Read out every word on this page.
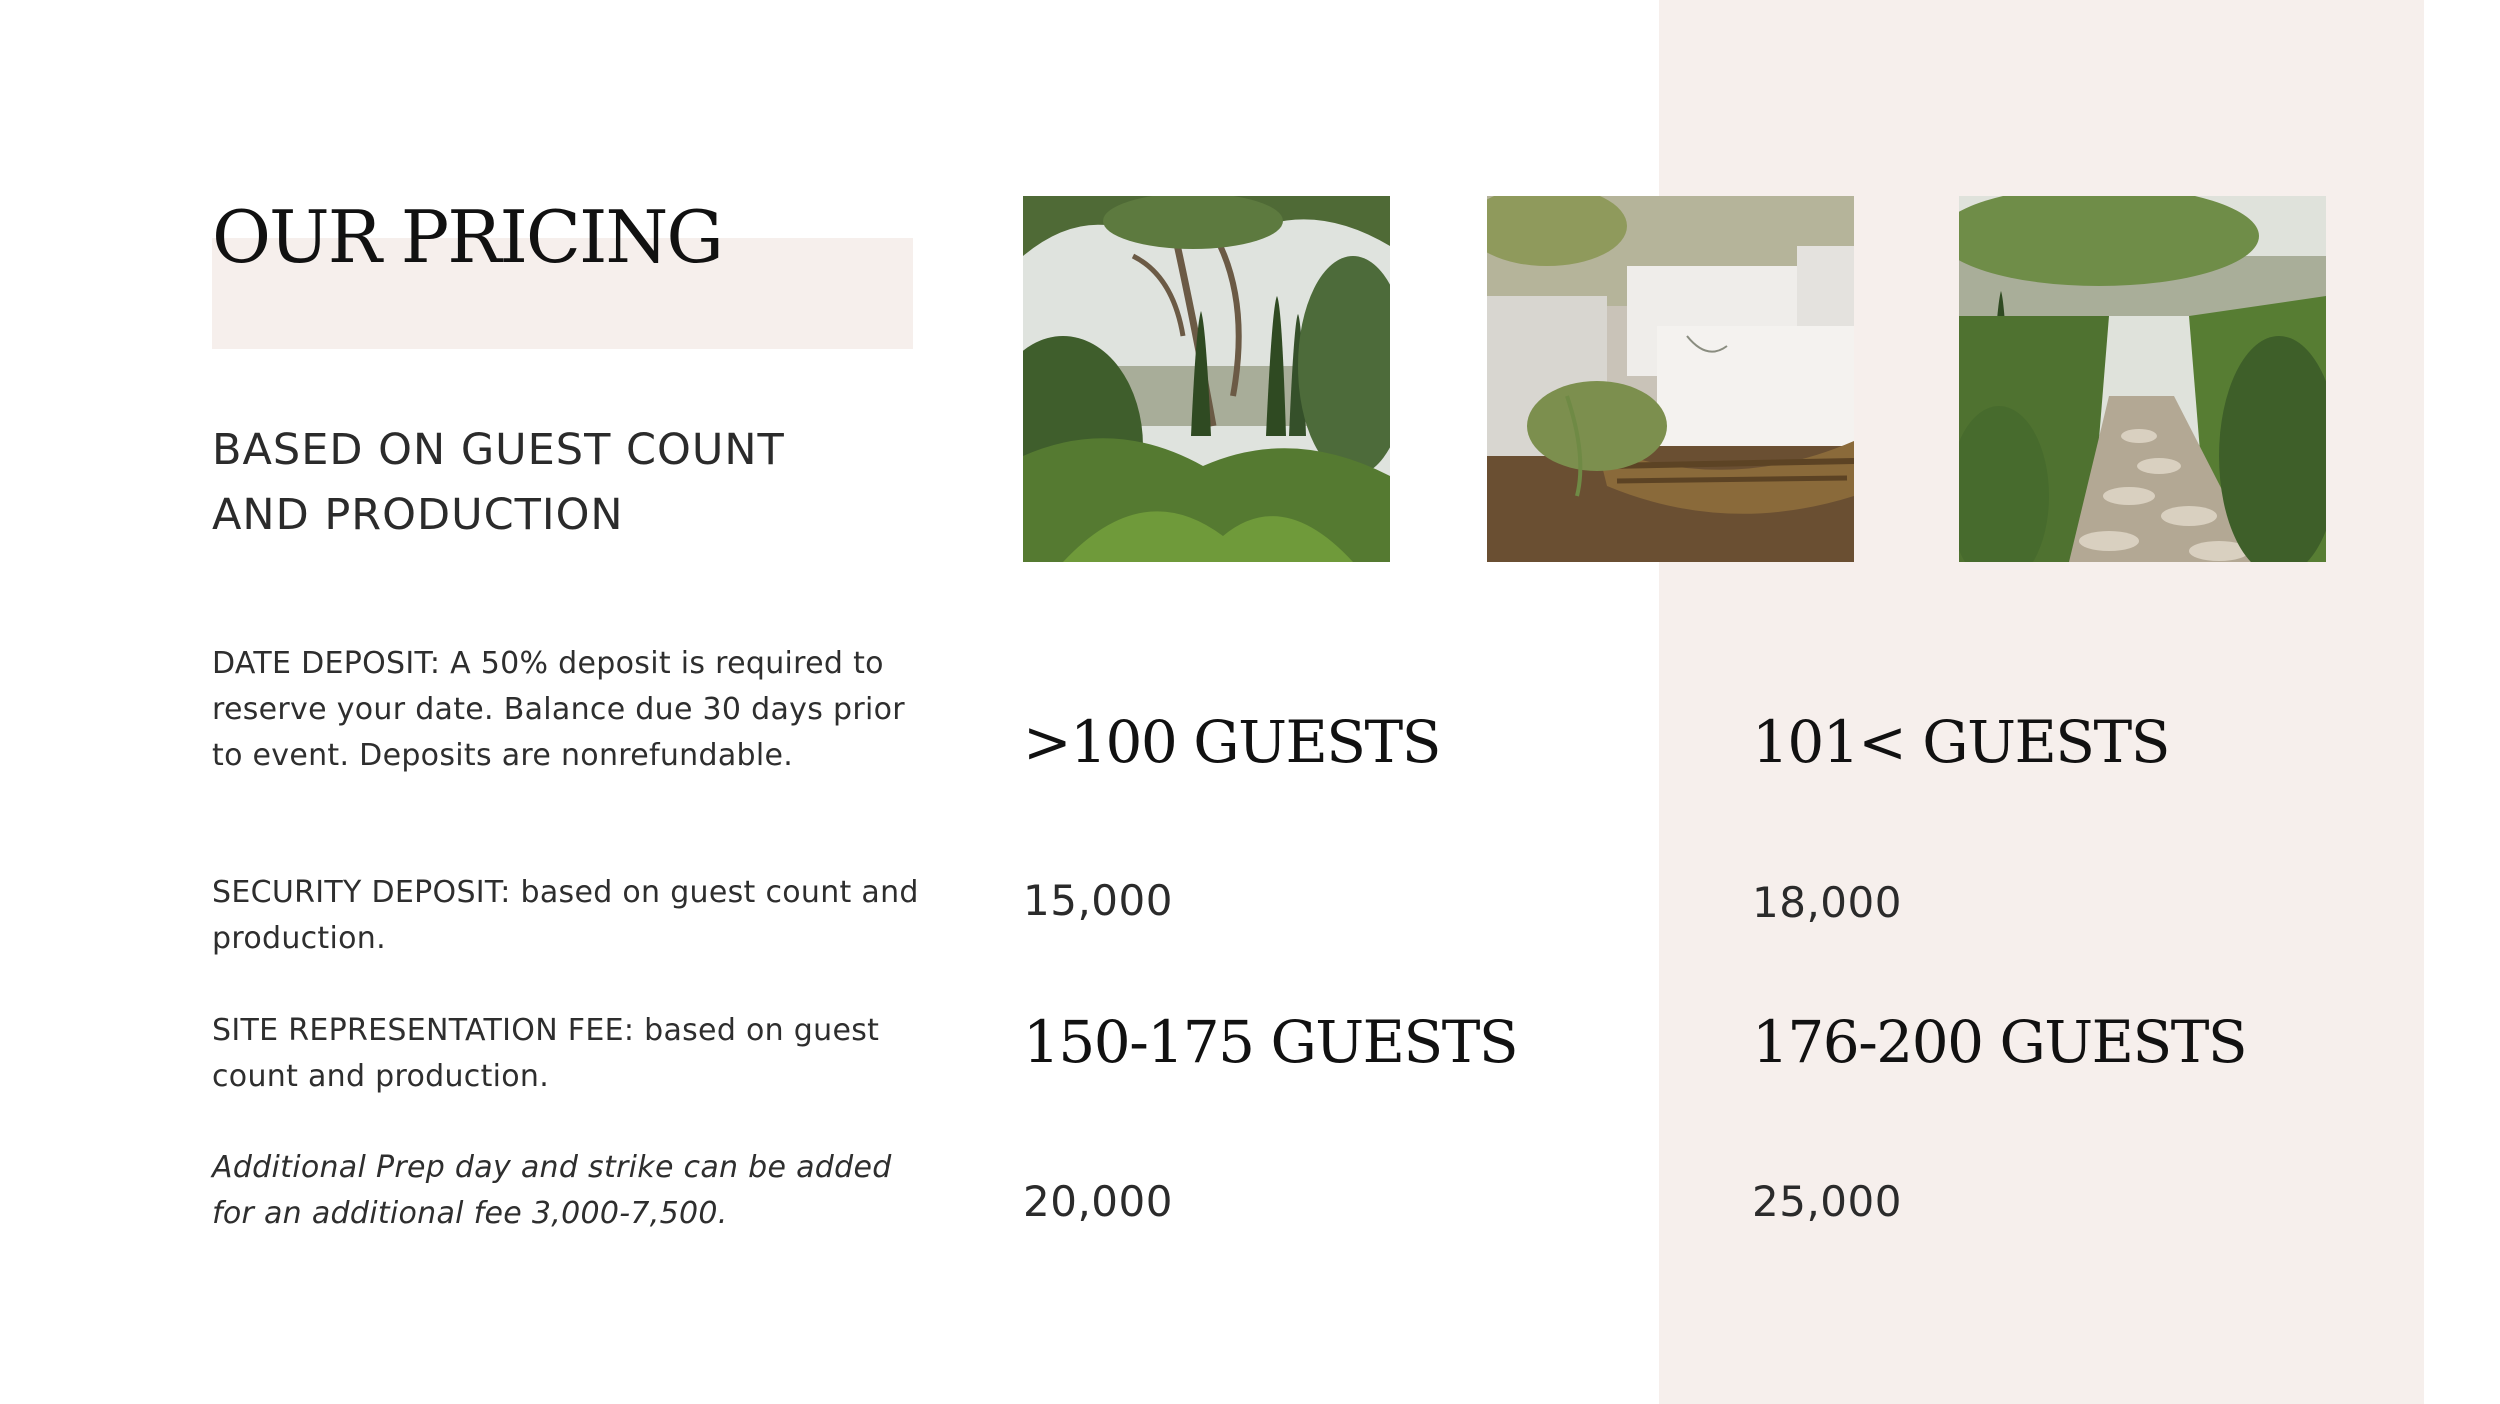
OUR PRICING
BASED ON GUEST COUNT
AND PRODUCTION

DATE DEPOSIT: A 50% deposit is required to reserve your date. Balance due 30 days prior to event. Deposits are nonrefundable.

SECURITY DEPOSIT: based on guest count and production.

SITE REPRESENTATION FEE: based on guest count and production.

Additional Prep day and strike can be added for an additional fee 3,000-7,500.

>100 GUESTS

15,000

101< GUESTS

18,000

150-175 GUESTS

20,000

176-200 GUESTS

25,000
